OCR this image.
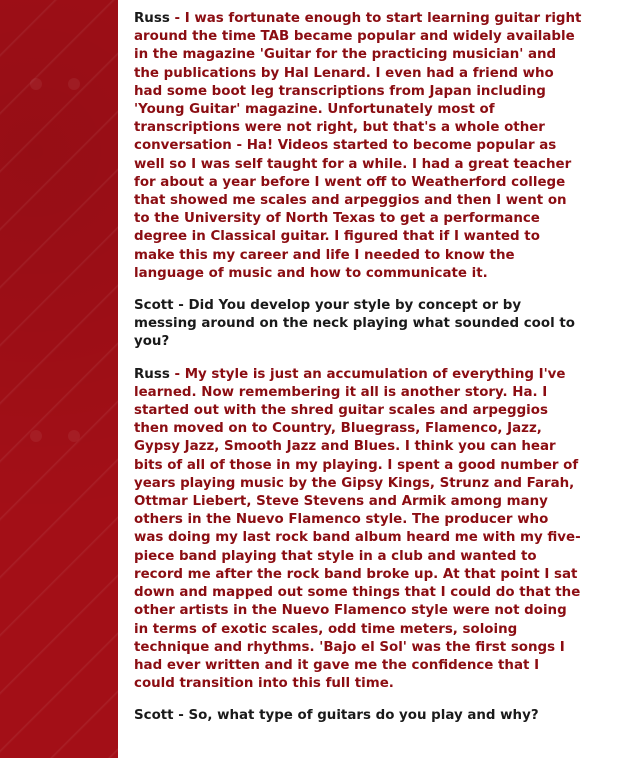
Russ - I was fortunate enough to start learning guitar right around the time TAB became popular and widely available in the magazine 'Guitar for the practicing musician' and the publications by Hal Lenard. I even had a friend who had some boot leg transcriptions from Japan including 'Young Guitar' magazine. Unfortunately most of transcriptions were not right, but that's a whole other conversation - Ha! Videos started to become popular as well so I was self taught for a while. I had a great teacher for about a year before I went off to Weatherford college that showed me scales and arpeggios and then I went on to the University of North Texas to get a performance degree in Classical guitar. I figured that if I wanted to make this my career and life I needed to know the language of music and how to communicate it.

Scott - Did You develop your style by concept or by messing around on the neck playing what sounded cool to you?

Russ - My style is just an accumulation of everything I've learned. Now remembering it all is another story. Ha. I started out with the shred guitar scales and arpeggios then moved on to Country, Bluegrass, Flamenco, Jazz, Gypsy Jazz, Smooth Jazz and Blues. I think you can hear bits of all of those in my playing. I spent a good number of years playing music by the Gipsy Kings, Strunz and Farah, Ottmar Liebert, Steve Stevens and Armik among many others in the Nuevo Flamenco style. The producer who was doing my last rock band album heard me with my five-piece band playing that style in a club and wanted to record me after the rock band broke up. At that point I sat down and mapped out some things that I could do that the other artists in the Nuevo Flamenco style were not doing in terms of exotic scales, odd time meters, soloing technique and rhythms. 'Bajo el Sol' was the first songs I had ever written and it gave me the confidence that I could transition into this full time.

Scott - So, what type of guitars do you play and why?
